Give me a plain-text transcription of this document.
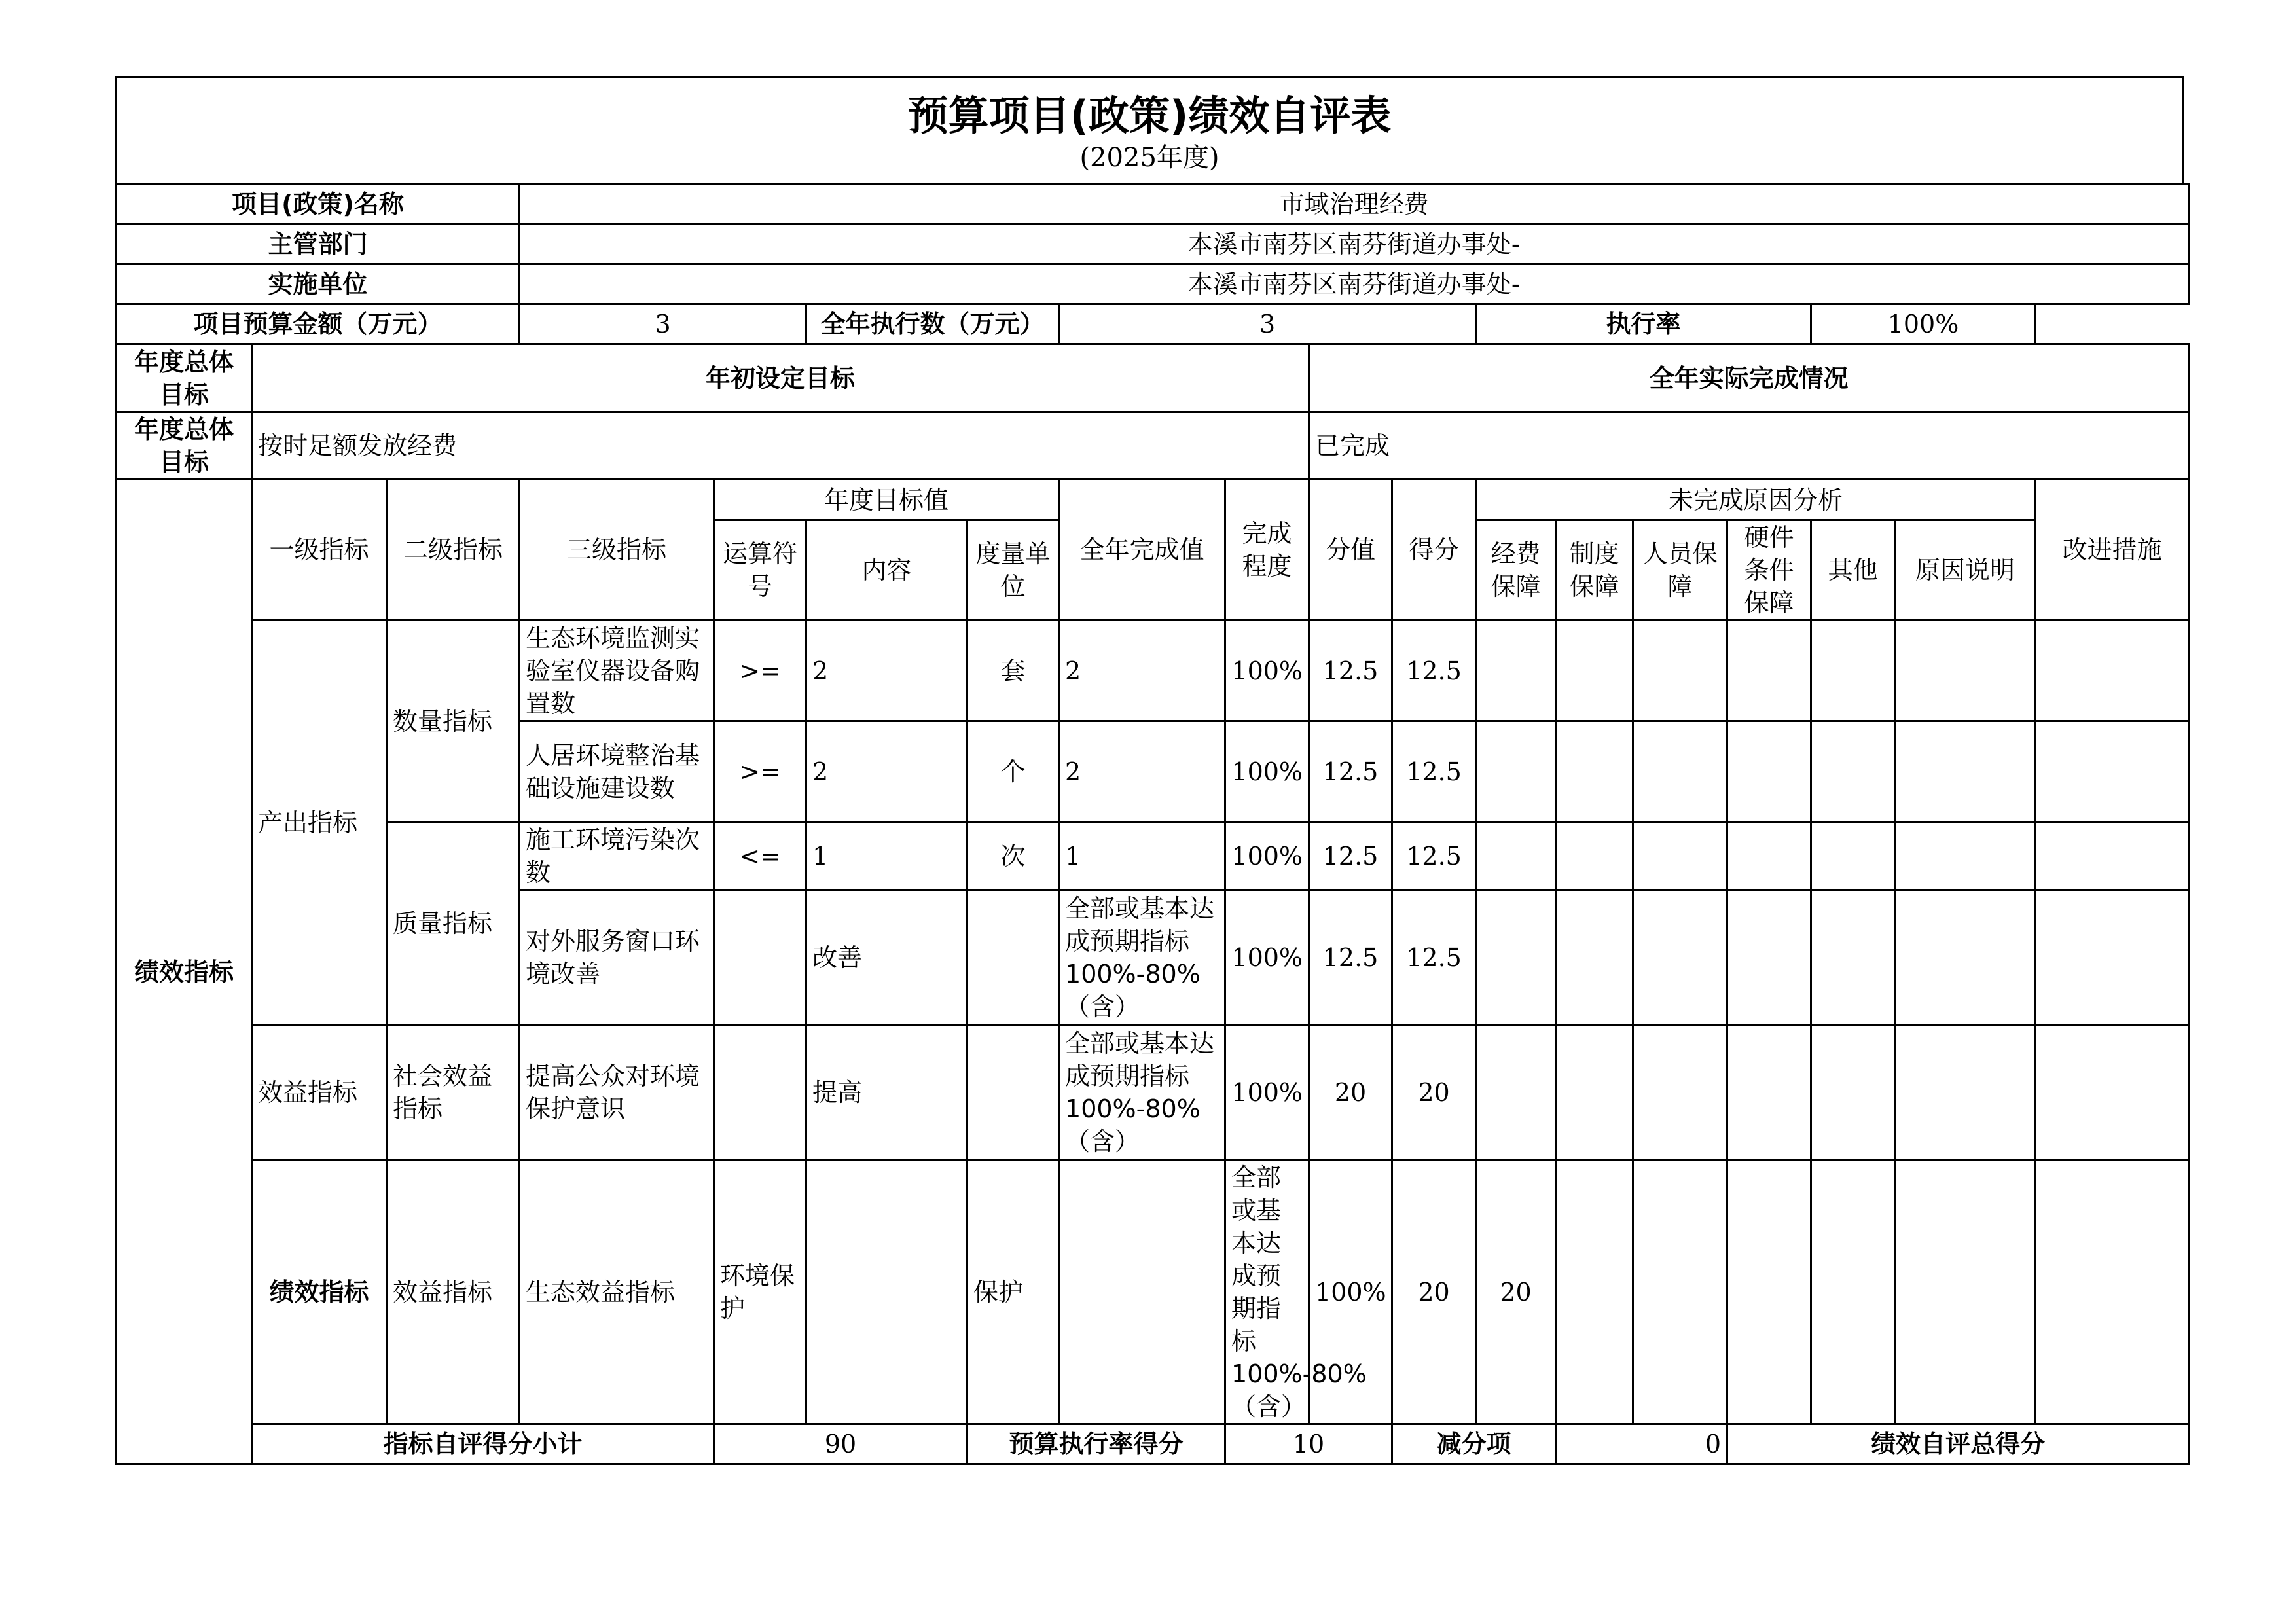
预算项目(政策)绩效自评表
(2025年度)
项目(政策)名称			市域治理经费															
主管部门			本溪市南芬区南芬街道办事处-															
实施单位			本溪市南芬区南芬街道办事处-															
项目预算金额（万元）			3		全年执行数（万元）		3				执行率				100%			
年度总体目标	年初设定目标								全年实际完成情况									
年度总体目标	按时足额发放经费								已完成									
绩效指标	一级指标	二级指标	三级指标	年度目标值			全年完成值	完成程度	分值	得分	未完成原因分析						改进措施	
				运算符号	内容	度量单位					经费保障	制度保障	人员保障	硬件条件保障	其他	原因说明		
	产出指标	数量指标	生态环境监测实验室仪器设备购置数	>=	2	套	2	100%	12.5	12.5								
			人居环境整治基础设施建设数	>=	2	个	2	100%	12.5	12.5								
		质量指标	施工环境污染次数	<=	1	次	1	100%	12.5	12.5								
			对外服务窗口环境改善		改善		全部或基本达成预期指标100%-80%（含）	100%	12.5	12.5								
	效益指标	社会效益指标	提高公众对环境保护意识		提高		全部或基本达成预期指标100%-80%（含）	100%	20	20								
	绩效指标	效益指标	生态效益指标	环境保护		保护		全部或基本达成预期指标100%-80%（含）	100%	20	20							
	指标自评得分小计			90		预算执行率得分		10		减分项		0		绩效自评总得分	
